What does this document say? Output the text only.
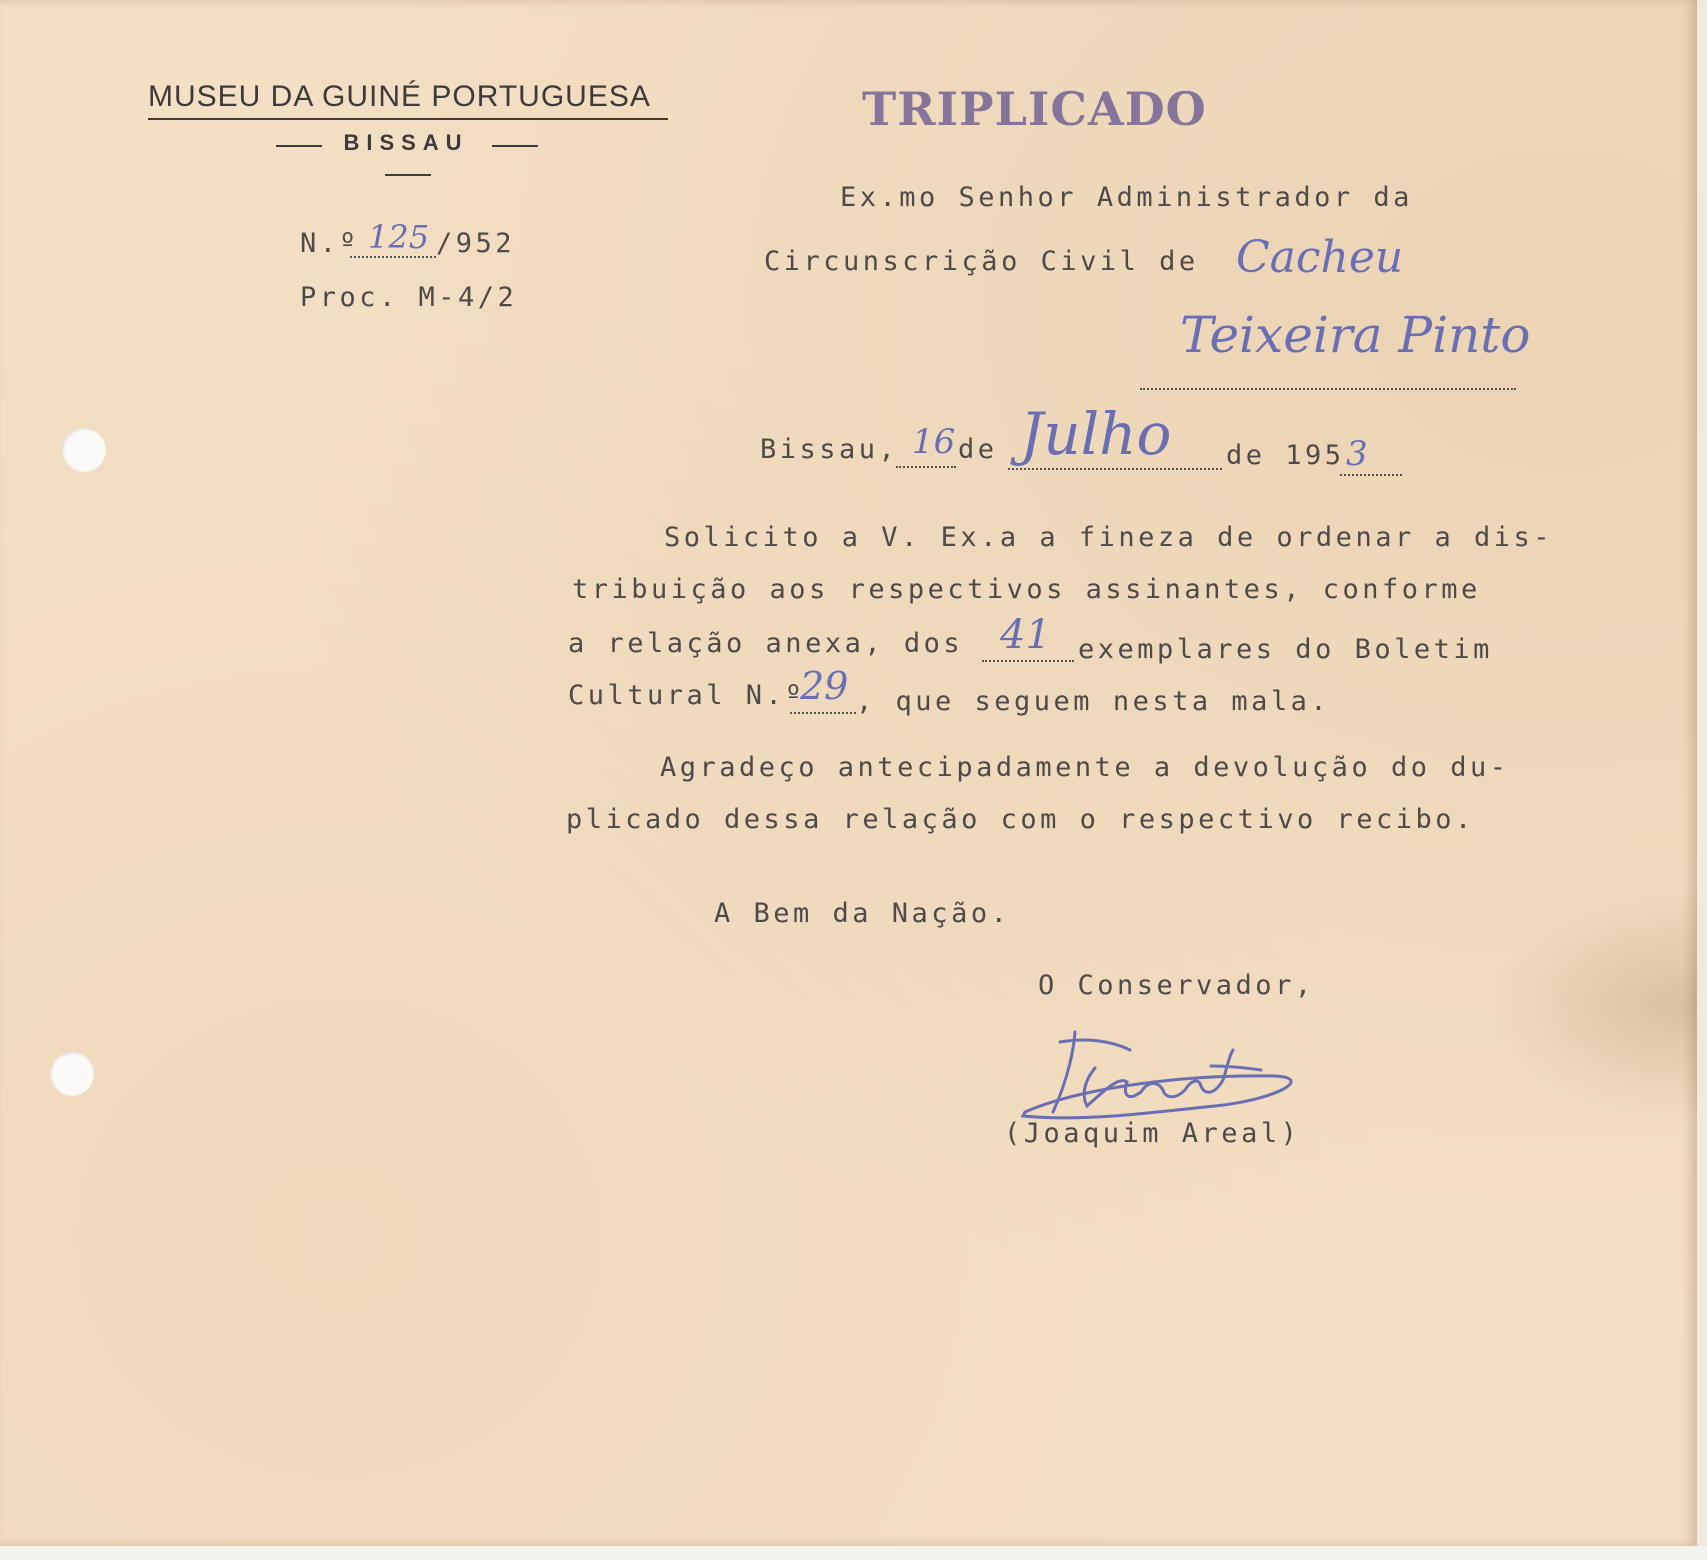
MUSEU DA GUINÉ PORTUGUESA
BISSAU
TRIPLICADO
N.º 125 /952
Proc. M-4/2
Ex.mo Senhor Administrador da
Circunscrição Civil de Cacheu
Teixeira Pinto
Bissau, 16 de Julho de 195 3
Solicito a V. Ex.a a fineza de ordenar a dis-
tribuição aos respectivos assinantes, conforme
a relação anexa, dos 41 exemplares do Boletim
Cultural N.º
29 , que seguem nesta mala.
Agradeço antecipadamente a devolução do du-
plicado dessa relação com o respectivo recibo.
A Bem da Nação.
O Conservador,
(Joaquim Areal)
